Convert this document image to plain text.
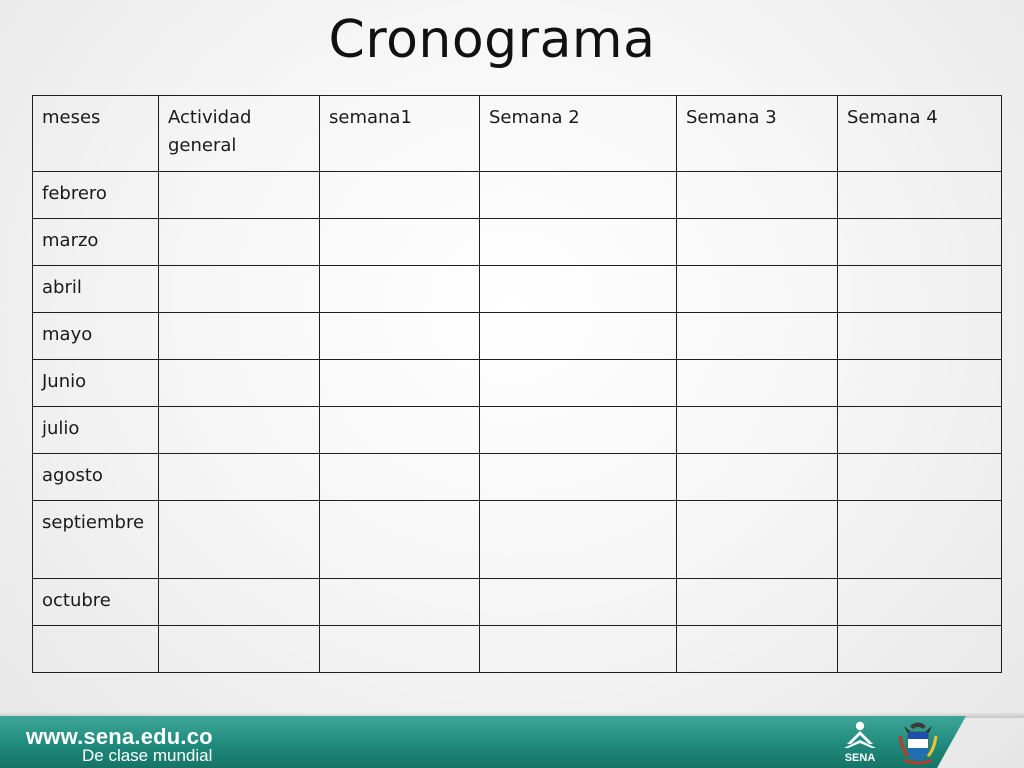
Cronograma
meses	Actividad general	semana1	Semana 2	Semana 3	Semana 4
febrero					
marzo					
abril					
mayo					
Junio					
julio					
agosto					
septiembre					
octubre					

www.sena.edu.co
De clase mundial	SENA
